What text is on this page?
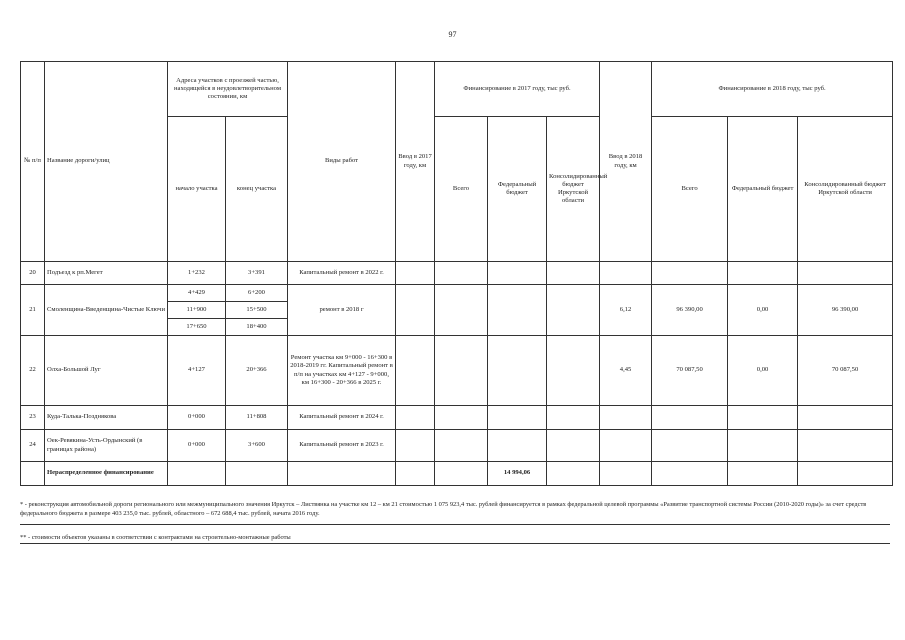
97
№ п/п	Название дороги/улиц	Адреса участков с проезжей частью, находящейся в неудовлетворительном состоянии, км		Виды работ	Ввод в 2017 году, км	Финансирование в 2017 году, тыс руб.			Ввод в 2018 году, км	Финансирование в 2018 году, тыс руб.		
		начало участка	конец участка			Всего	Федеральный бюджет	Консолидированный бюджет Иркутской области		Всего	Федеральный бюджет	Консолидированный бюджет Иркутской области
20	Подъезд к рп.Мегет	1+232	3+391	Капитальный ремонт в 2022 г.								
21	Смоленщина-Введенщина-Чистые Ключи	4+429	6+200	ремонт в 2018 г					6,12	96 390,00	0,00	96 390,00
		11+900	15+500									
		17+650	18+400									
22	Олха-Большой Луг	4+127	20+366	Ремонт участка км 9+000 - 16+300 в 2018-2019 гг. Капитальный ремонт в п/п на участках км 4+127 - 9+000, км 16+300 - 20+366 в 2025 г.					4,45	70 087,50	0,00	70 087,50
23	Куда-Талька-Позднякова	0+000	11+808	Капитальный ремонт в 2024 г.								
24	Оек-Ревякина-Усть-Ордынский (в границах района)	0+000	3+600	Капитальный ремонт в 2023 г.								
	Нераспределенное финансирование						14 994,06					
* - реконструкция автомобильной дороги регионального или межмуниципального значения Иркутск – Листвянка на участке км 12 – км 21 стоимостью 1 075 923,4 тыс. рублей финансируется в рамках федеральной целевой программы «Развитие транспортной системы России (2010-2020 годы)» за счет средств федерального бюджета в размере 403 235,0 тыс. рублей, областного – 672 688,4 тыс. рублей, начата 2016 году.
** - стоимости объектов указаны в соответствии с контрактами на строительно-монтажные работы
